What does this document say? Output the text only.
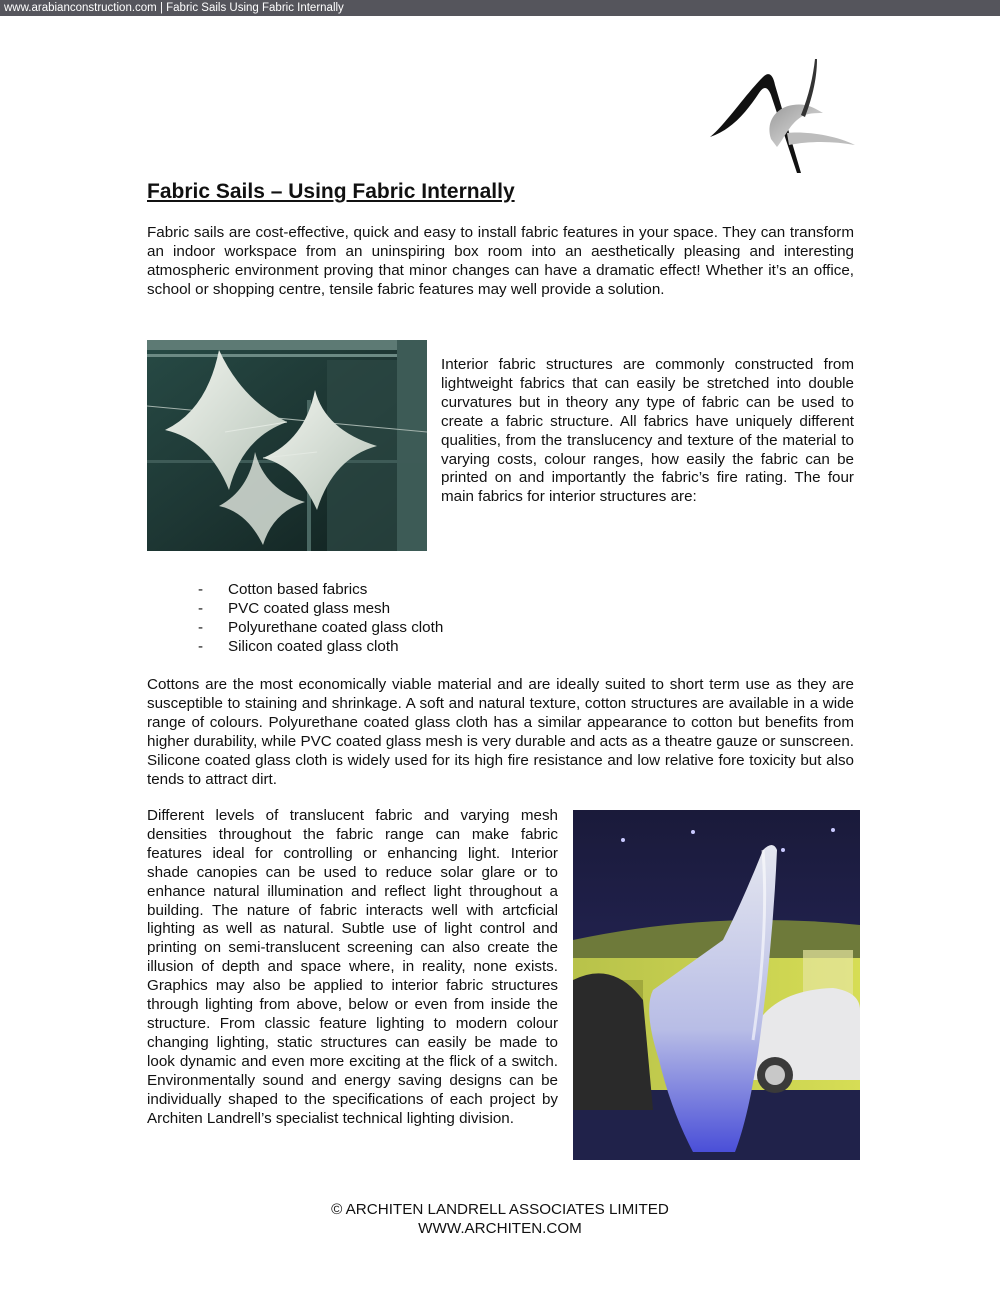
www.arabianconstruction.com | Fabric Sails Using Fabric Internally
Fabric Sails – Using Fabric Internally

Fabric sails are cost-effective, quick and easy to install fabric features in your space. They can transform an indoor workspace from an uninspiring box room into an aesthetically pleasing and interesting atmospheric environment proving that minor changes can have a dramatic effect! Whether it’s an office, school or shopping centre, tensile fabric features may well provide a solution.

Interior fabric structures are commonly constructed from lightweight fabrics that can easily be stretched into double curvatures but in theory any type of fabric can be used to create a fabric structure. All fabrics have uniquely different qualities, from the translucency and texture of the material to varying costs, colour ranges, how easily the fabric can be printed on and importantly the fabric’s fire rating. The four main fabrics for interior structures are:

- Cotton based fabrics
- PVC coated glass mesh
- Polyurethane coated glass cloth
- Silicon coated glass cloth

Cottons are the most economically viable material and are ideally suited to short term use as they are susceptible to staining and shrinkage. A soft and natural texture, cotton structures are available in a wide range of colours. Polyurethane coated glass cloth has a similar appearance to cotton but benefits from higher durability, while PVC coated glass mesh is very durable and acts as a theatre gauze or sunscreen. Silicone coated glass cloth is widely used for its high fire resistance and low relative fore toxicity but also tends to attract dirt.

Different levels of translucent fabric and varying mesh densities throughout the fabric range can make fabric features ideal for controlling or enhancing light. Interior shade canopies can be used to reduce solar glare or to enhance natural illumination and reflect light throughout a building. The nature of fabric interacts well with artcficial lighting as well as natural. Subtle use of light control and printing on semi-translucent screening can also create the illusion of depth and space where, in reality, none exists. Graphics may also be applied to interior fabric structures through lighting from above, below or even from inside the structure. From classic feature lighting to modern colour changing lighting, static structures can easily be made to look dynamic and even more exciting at the flick of a switch. Environmentally sound and energy saving designs can be individually shaped to the specifications of each project by Architen Landrell’s specialist technical lighting division.

© ARCHITEN LANDRELL ASSOCIATES LIMITED
WWW.ARCHITEN.COM
